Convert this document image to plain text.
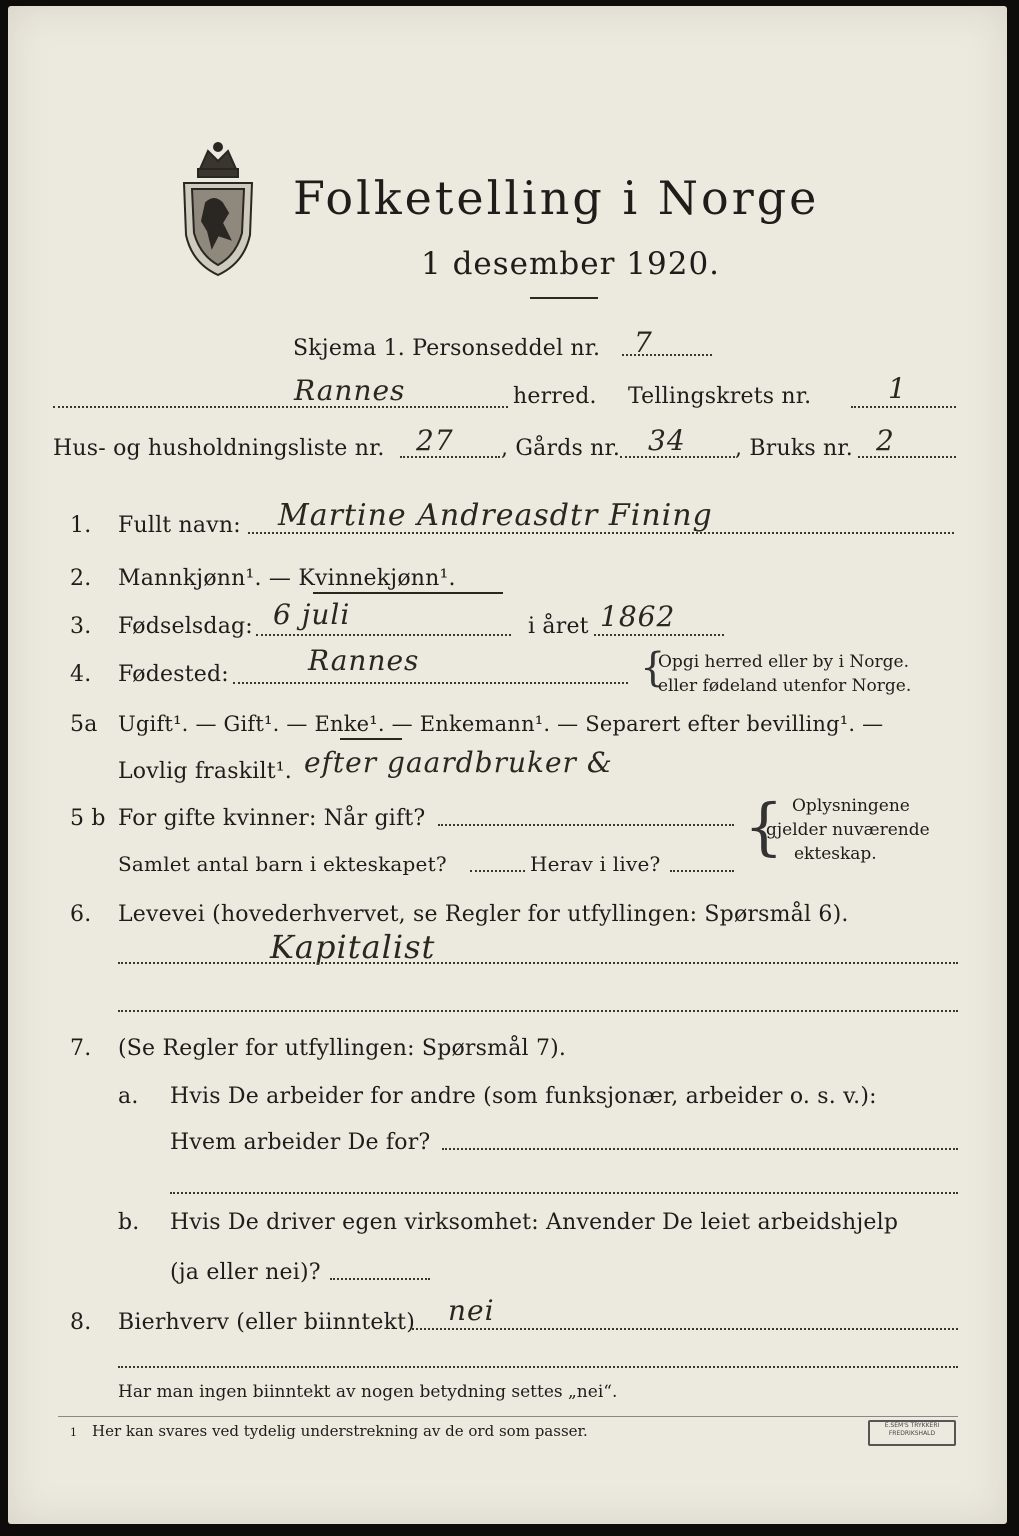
Folketelling i Norge
1 desember 1920.
Skjema 1. Personseddel nr. 7
Rannes	herred. Tellingskrets nr.	1
Hus- og husholdningsliste nr. 27 , Gårds nr. 34 , Bruks nr. 2
1. Fullt navn: Martine Andreasdtr Fining
2. Mannkjønn¹. — Kvinnekjønn¹.
3. Fødselsdag: 6 juli	i året 1862
4. Fødested:	Rannes	{
Opgi herred eller by i Norge.
eller fødeland utenfor Norge.
5a Ugift¹. — Gift¹. — Enke¹. — Enkemann¹. — Separert efter bevilling¹. —
Lovlig fraskilt¹. efter gaardbruker &
5 b For gifte kvinner: Når gift?
Samlet antal barn i ekteskapet?	Herav i live?
{ Oplysningene
gjelder nuværende
ekteskap.
6. Levevei (hovederhvervet, se Regler for utfyllingen: Spørsmål 6).
Kapitalist
7. (Se Regler for utfyllingen: Spørsmål 7).
a. Hvis De arbeider for andre (som funksjonær, arbeider o. s. v.):
Hvem arbeider De for?
b. Hvis De driver egen virksomhet: Anvender De leiet arbeidshjelp
(ja eller nei)?
8. Bierhverv (eller biinntekt) nei
Har man ingen biinntekt av nogen betydning settes „nei“.
1 Her kan svares ved tydelig understrekning av de ord som passer.	E.SEM'S TRYKKERI
FREDRIKSHALD
